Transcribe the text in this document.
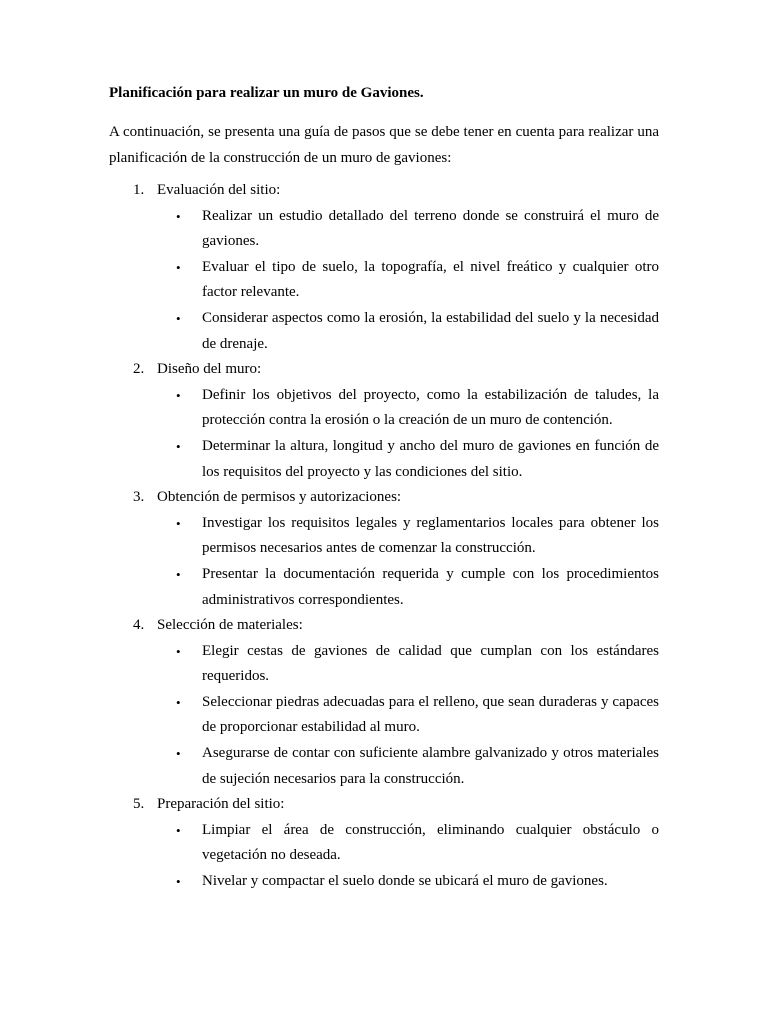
Planificación para realizar un muro de Gaviones.
A continuación, se presenta una guía de pasos que se debe tener en cuenta para realizar una planificación de la construcción de un muro de gaviones:
1. Evaluación del sitio:
•	Realizar un estudio detallado del terreno donde se construirá el muro de gaviones.
•	Evaluar el tipo de suelo, la topografía, el nivel freático y cualquier otro factor relevante.
•	Considerar aspectos como la erosión, la estabilidad del suelo y la necesidad de drenaje.
2. Diseño del muro:
•	Definir los objetivos del proyecto, como la estabilización de taludes, la protección contra la erosión o la creación de un muro de contención.
•	Determinar la altura, longitud y ancho del muro de gaviones en función de los requisitos del proyecto y las condiciones del sitio.
3. Obtención de permisos y autorizaciones:
•	Investigar los requisitos legales y reglamentarios locales para obtener los permisos necesarios antes de comenzar la construcción.
•	Presentar la documentación requerida y cumple con los procedimientos administrativos correspondientes.
4. Selección de materiales:
•	Elegir cestas de gaviones de calidad que cumplan con los estándares requeridos.
•	Seleccionar piedras adecuadas para el relleno, que sean duraderas y capaces de proporcionar estabilidad al muro.
•	Asegurarse de contar con suficiente alambre galvanizado y otros materiales de sujeción necesarios para la construcción.
5. Preparación del sitio:
•	Limpiar el área de construcción, eliminando cualquier obstáculo o vegetación no deseada.
•	Nivelar y compactar el suelo donde se ubicará el muro de gaviones.
